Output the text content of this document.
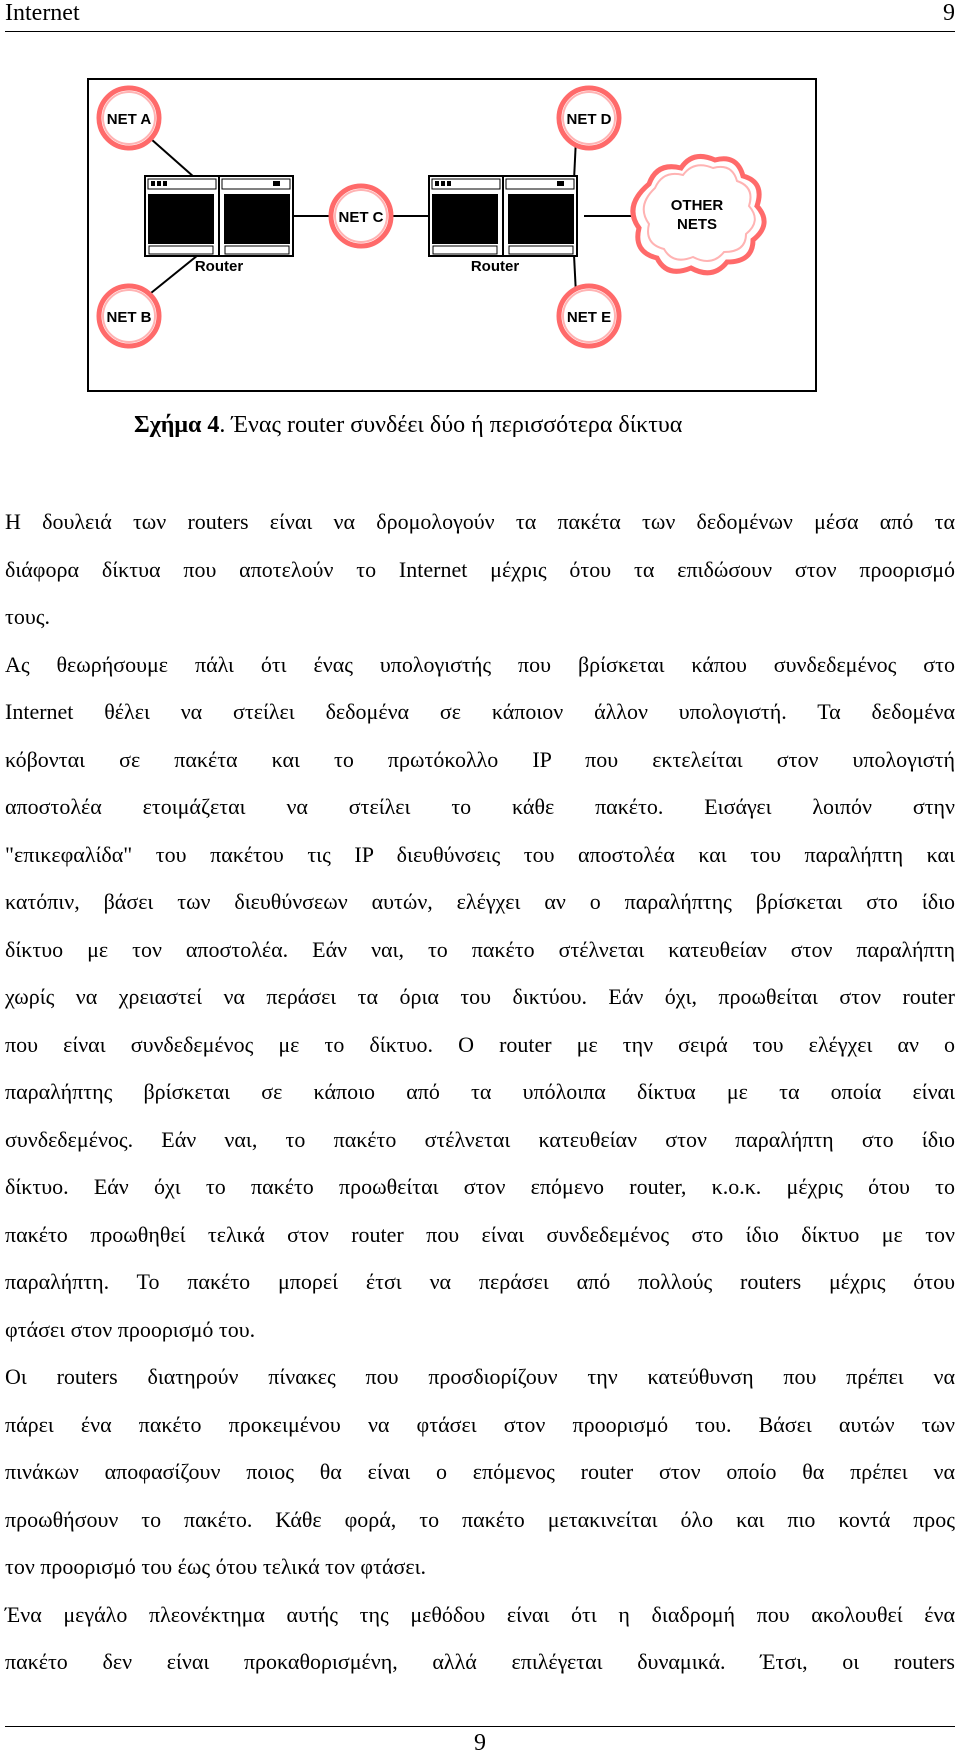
Internet	9
Router	Router
NET A
NET B
NET C
NET D
NET E
OTHER
NETS
Σχήμα 4. Ένας router συνδέει δύο ή περισσότερα δίκτυα

Η δουλειά των routers είναι να δρομολογούν τα πακέτα των δεδομένων μέσα από τα
διάφορα δίκτυα που αποτελούν το Internet μέχρις ότου τα επιδώσουν στον προορισμό
τους.

Ας θεωρήσουμε πάλι ότι ένας υπολογιστής που βρίσκεται κάπου συνδεδεμένος στο
Internet θέλει να στείλει δεδομένα σε κάποιον άλλον υπολογιστή. Τα δεδομένα
κόβονται σε πακέτα και το πρωτόκολλο IP που εκτελείται στον υπολογιστή
αποστολέα ετοιμάζεται να στείλει το κάθε πακέτο. Εισάγει λοιπόν στην
"επικεφαλίδα" του πακέτου τις IP διευθύνσεις του αποστολέα και του παραλήπτη και
κατόπιν, βάσει των διευθύνσεων αυτών, ελέγχει αν ο παραλήπτης βρίσκεται στο ίδιο
δίκτυο με τον αποστολέα. Εάν ναι, το πακέτο στέλνεται κατευθείαν στον παραλήπτη
χωρίς να χρειαστεί να περάσει τα όρια του δικτύου. Εάν όχι, προωθείται στον router
που είναι συνδεδεμένος με το δίκτυο. Ο router με την σειρά του ελέγχει αν ο
παραλήπτης βρίσκεται σε κάποιο από τα υπόλοιπα δίκτυα με τα οποία είναι
συνδεδεμένος. Εάν ναι, το πακέτο στέλνεται κατευθείαν στον παραλήπτη στο ίδιο
δίκτυο. Εάν όχι το πακέτο προωθείται στον επόμενο router, κ.ο.κ. μέχρις ότου το
πακέτο προωθηθεί τελικά στον router που είναι συνδεδεμένος στο ίδιο δίκτυο με τον
παραλήπτη. Το πακέτο μπορεί έτσι να περάσει από πολλούς routers μέχρις ότου
φτάσει στον προορισμό του.

Οι routers διατηρούν πίνακες που προσδιορίζουν την κατεύθυνση που πρέπει να
πάρει ένα πακέτο προκειμένου να φτάσει στον προορισμό του. Βάσει αυτών των
πινάκων αποφασίζουν ποιος θα είναι ο επόμενος router στον οποίο θα πρέπει να
προωθήσουν το πακέτο. Κάθε φορά, το πακέτο μετακινείται όλο και πιο κοντά προς
τον προορισμό του έως ότου τελικά τον φτάσει.

Ένα μεγάλο πλεονέκτημα αυτής της μεθόδου είναι ότι η διαδρομή που ακολουθεί ένα
πακέτο δεν είναι προκαθορισμένη, αλλά επιλέγεται δυναμικά. Έτσι, οι routers

9
